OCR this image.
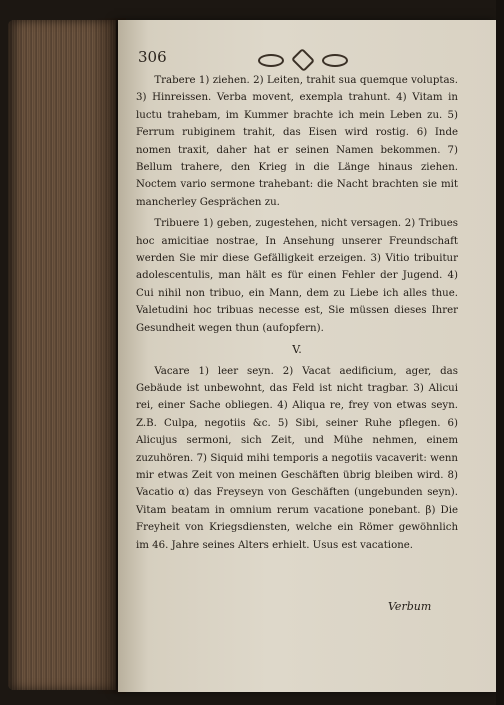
306

Trabere 1) ziehen. 2) Leiten, trahit sua quemque voluptas. 3) Hinreissen. Verba movent, exempla trahunt. 4) Vitam in luctu trahebam, im Kummer brachte ich mein Leben zu. 5) Ferrum rubiginem trahit, das Eisen wird rostig. 6) Inde nomen traxit, daher hat er seinen Namen bekommen. 7) Bellum trahere, den Krieg in die Länge hinaus ziehen. Noctem vario sermone trahebant: die Nacht brachten sie mit mancherley Gesprächen zu.

Tribuere 1) geben, zugestehen, nicht versagen. 2) Tribues hoc amicitiae nostrae, In Ansehung unserer Freundschaft werden Sie mir diese Gefälligkeit erzeigen. 3) Vitio tribuitur adolescentulis, man hält es für einen Fehler der Jugend. 4) Cui nihil non tribuo, ein Mann, dem zu Liebe ich alles thue. Valetudini hoc tribuas necesse est, Sie müssen dieses Ihrer Gesundheit wegen thun (aufopfern).

V.

Vacare 1) leer seyn. 2) Vacat aedificium, ager, das Gebäude ist unbewohnt, das Feld ist nicht tragbar. 3) Alicui rei, einer Sache obliegen. 4) Aliqua re, frey von etwas seyn. Z.B. Culpa, negotiis &c. 5) Sibi, seiner Ruhe pflegen. 6) Alicujus sermoni, sich Zeit, und Mühe nehmen, einem zuzuhören. 7) Siquid mihi temporis a negotiis vacaverit: wenn mir etwas Zeit von meinen Geschäften übrig bleiben wird. 8) Vacatio α) das Freyseyn von Geschäften (ungebunden seyn). Vitam beatam in omnium rerum vacatione ponebant. β) Die Freyheit von Kriegsdiensten, welche ein Römer gewöhnlich im 46. Jahre seines Alters erhielt. Usus est vacatione.

Verbum
